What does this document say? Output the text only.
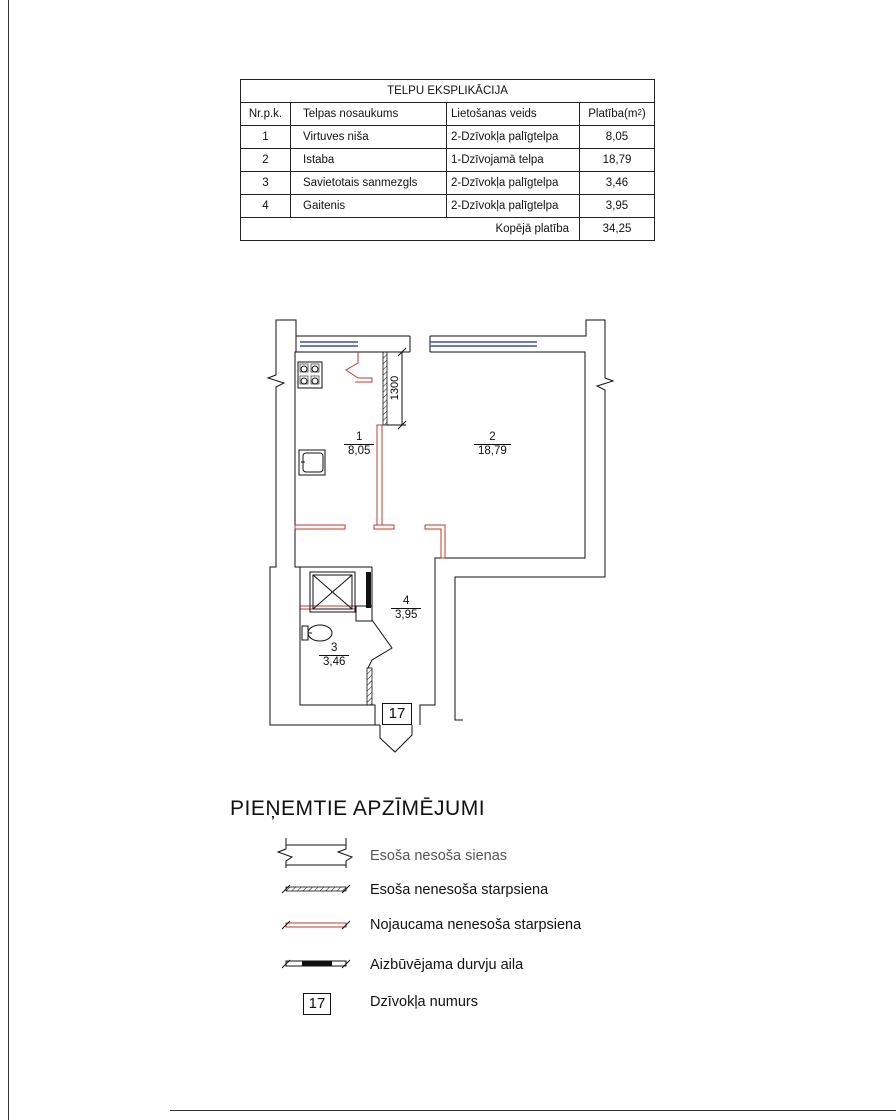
TELPU EKSPLIKĀCIJA			
Nr.p.k.	Telpas nosaukums	Lietošanas veids	$Platība(m^2)$
1	Virtuves niša	2-Dzīvokļa palīgtelpa	8,05
2	Istaba	1-Dzīvojamā telpa	18,79
3	Savietotais sanmezgls	2-Dzīvokļa palīgtelpa	3,46
4	Gaitenis	2-Dzīvokļa palīgtelpa	3,95
Kopējā platība			34,25
1300
1
8,05
2
18,79
3
3,46
4
3,95
17
PIEŅEMTIE APZĪMĒJUMI
Esoša nesoša sienas
Esoša nenesoša starpsiena
Nojaucama nenesoša starpsiena
Aizbūvējama durvju aila
Dzīvokļa numurs
17
